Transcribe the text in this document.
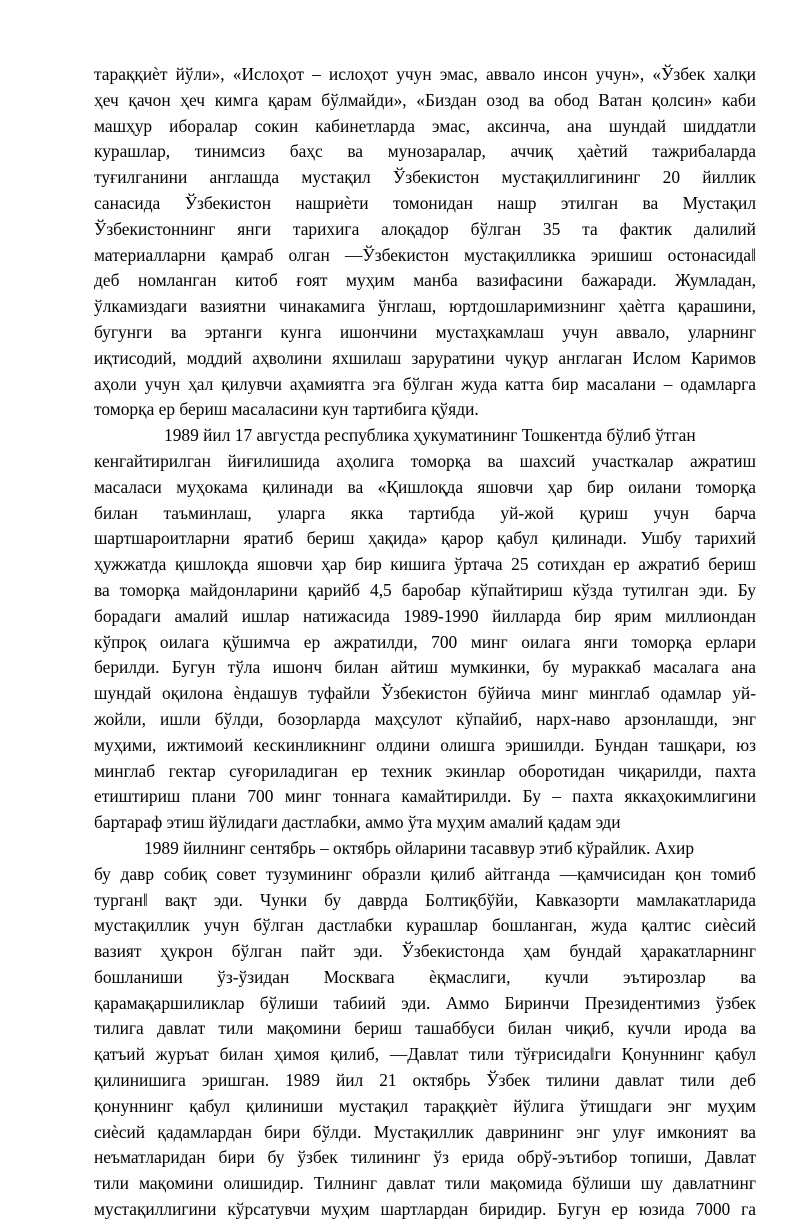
тараққиѐт йўли», «Ислоҳот – ислоҳот учун эмас, аввало инсон учун», «Ўзбек халқи
ҳеч қачон ҳеч кимга қарам бўлмайди», «Биздан озод ва обод Ватан қолсин» каби
машҳур иборалар сокин кабинетларда эмас, аксинча, ана шундай шиддатли
курашлар, тинимсиз баҳс ва мунозаралар, аччиқ ҳаѐтий тажрибаларда
туғилганини англашда мустақил Ўзбекистон мустақиллигининг 20 йиллик
санасида Ўзбекистон нашриѐти томонидан нашр этилган ва Мустақил
Ўзбекистоннинг янги тарихига алоқадор бўлган 35 та фактик далилий
материалларни қамраб олган ―Ўзбекистон мустақилликка эришиш остонасида‖
деб номланган китоб ғоят муҳим манба вазифасини бажаради. Жумладан,
ўлкамиздаги вазиятни чинакамига ўнглаш, юртдошларимизнинг ҳаѐтга қарашини,
бугунги ва эртанги кунга ишончини мустаҳкамлаш учун аввало, уларнинг
иқтисодий, моддий аҳволини яхшилаш заруратини чуқур англаган Ислом Каримов
аҳоли учун ҳал қилувчи аҳамиятга эга бўлган жуда катта бир масалани – одамларга
томорқа ер бериш масаласини кун тартибига қўяди.
1989 йил 17 августда республика ҳукуматининг Тошкентда бўлиб ўтган
кенгайтирилган йиғилишида аҳолига томорқа ва шахсий участкалар ажратиш
масаласи муҳокама қилинади ва «Қишлоқда яшовчи ҳар бир оилани томорқа
билан таъминлаш, уларга якка тартибда уй-жой қуриш учун барча
шартшароитларни яратиб бериш ҳақида» қарор қабул қилинади. Ушбу тарихий
ҳужжатда қишлоқда яшовчи ҳар бир кишига ўртача 25 сотихдан ер ажратиб бериш
ва томорқа майдонларини қарийб 4,5 баробар кўпайтириш кўзда тутилган эди. Бу
борадаги амалий ишлар натижасида 1989-1990 йилларда бир ярим миллиондан
кўпроқ оилага қўшимча ер ажратилди, 700 минг оилага янги томорқа ерлари
берилди. Бугун тўла ишонч билан айтиш мумкинки, бу мураккаб масалага ана
шундай оқилона ѐндашув туфайли Ўзбекистон бўйича минг минглаб одамлар уй-
жойли, ишли бўлди, бозорларда маҳсулот кўпайиб, нарх-наво арзонлашди, энг
муҳими, ижтимоий кескинликнинг олдини олишга эришилди. Бундан ташқари, юз
минглаб гектар суғориладиган ер техник экинлар оборотидан чиқарилди, пахта
етиштириш плани 700 минг тоннага камайтирилди. Бу – пахта яккаҳокимлигини
бартараф этиш йўлидаги дастлабки, аммо ўта муҳим амалий қадам эди
1989 йилнинг сентябрь – октябрь ойларини тасаввур этиб кўрайлик. Ахир
бу давр собиқ совет тузумининг образли қилиб айтганда ―қамчисидан қон томиб
турган‖ вақт эди. Чунки бу даврда Болтиқбўйи, Кавказорти мамлакатларида
мустақиллик учун бўлган дастлабки курашлар бошланган, жуда қалтис сиѐсий
вазият ҳукрон бўлган пайт эди. Ўзбекистонда ҳам бундай ҳаракатларнинг
бошланиши ўз-ўзидан Москвага ѐқмаслиги, кучли эътирозлар ва
қарамақаршиликлар бўлиши табиий эди. Аммо Биринчи Президентимиз ўзбек
тилига давлат тили мақомини бериш ташаббуси билан чиқиб, кучли ирода ва
қатъий журъат билан ҳимоя қилиб, ―Давлат тили тўғрисида‖ги Қонуннинг қабул
қилинишига эришган. 1989 йил 21 октябрь Ўзбек тилини давлат тили деб
қонуннинг қабул қилиниши мустақил тараққиѐт йўлига ўтишдаги энг муҳим
сиѐсий қадамлардан бири бўлди. Мустақиллик даврининг энг улуғ имконият ва
неъматларидан бири бу ўзбек тилининг ўз ерида обрў-эътибор топиши, Давлат
тили мақомини олишидир. Тилнинг давлат тили мақомида бўлиши шу давлатнинг
мустақиллигини кўрсатувчи муҳим шартлардан биридир. Бугун ер юзида 7000 га
